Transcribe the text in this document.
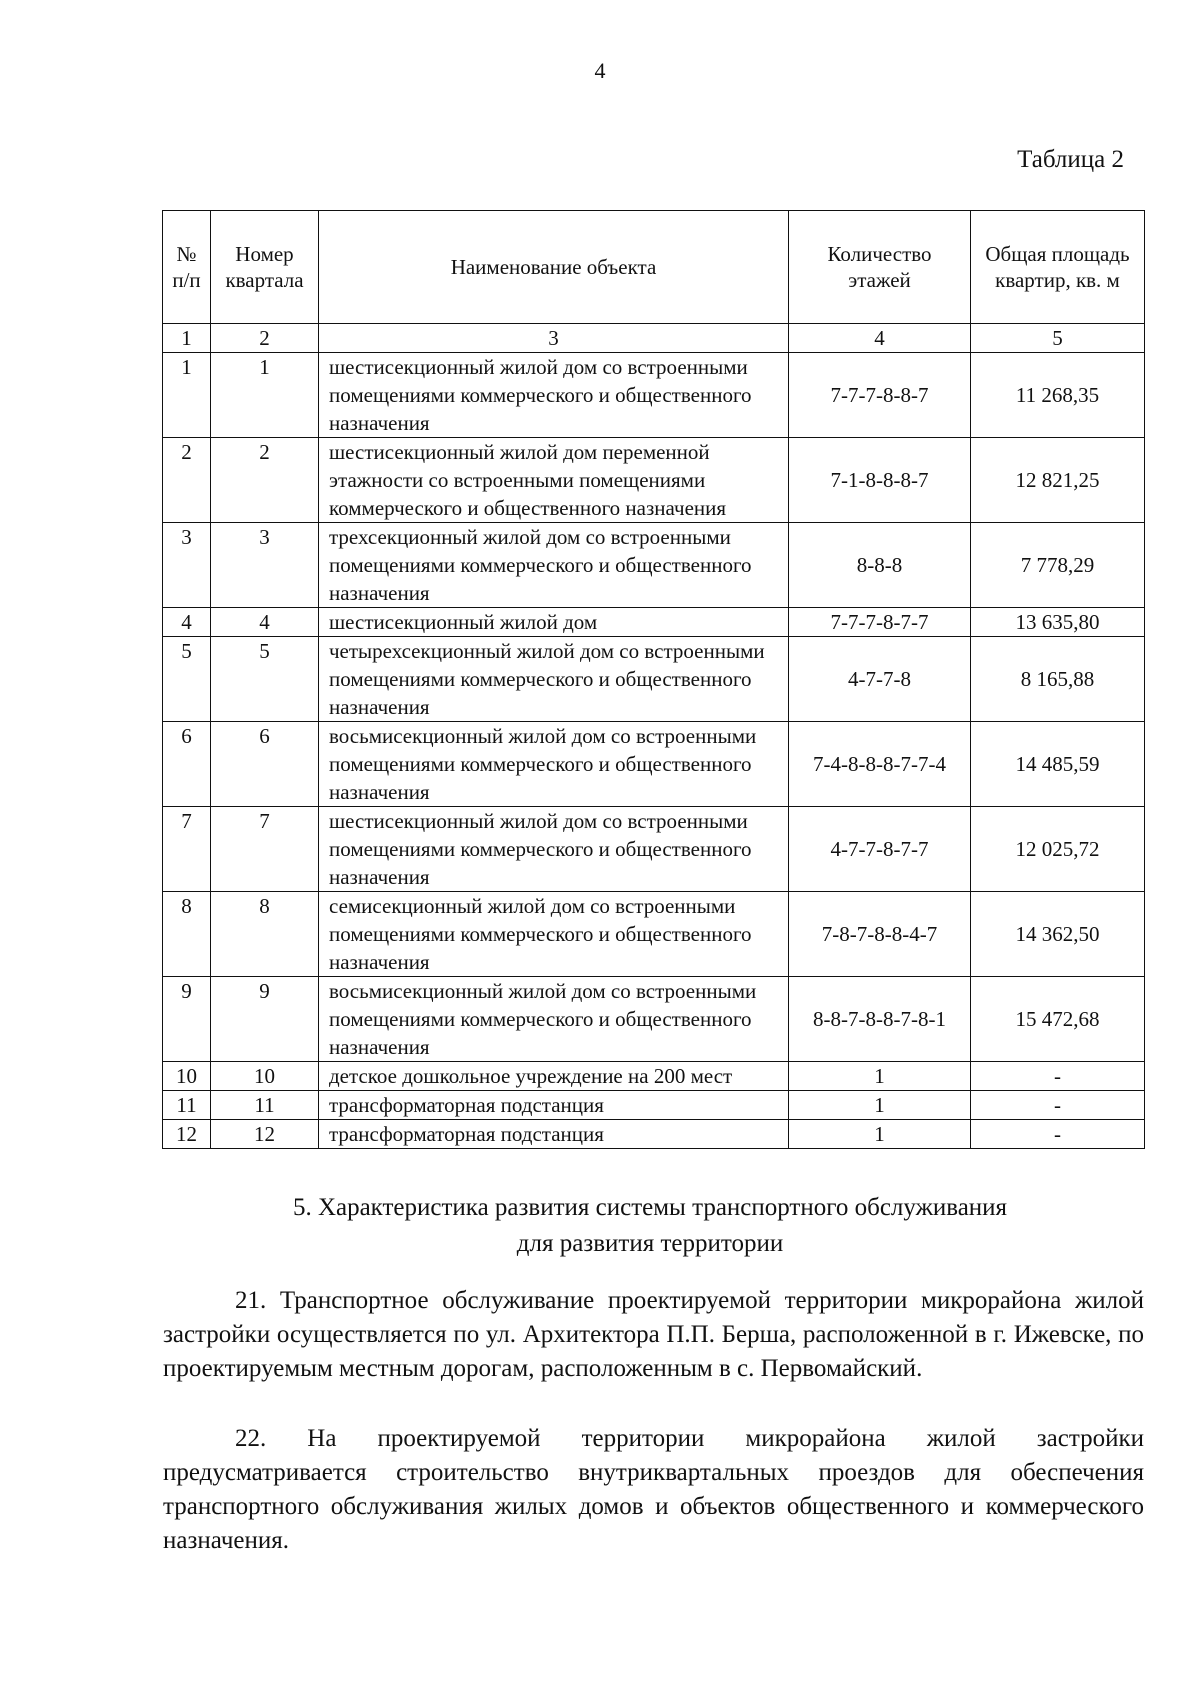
4
Таблица 2
№ п/п	Номер квартала	Наименование объекта	Количество этажей	Общая площадь квартир, кв. м
1	2	3	4	5
1	1	шестисекционный жилой дом со встроенными помещениями коммерческого и общественного назначения	7-7-7-8-8-7	11 268,35
2	2	шестисекционный жилой дом переменной этажности со встроенными помещениями коммерческого и общественного назначения	7-1-8-8-8-7	12 821,25
3	3	трехсекционный жилой дом со встроенными помещениями коммерческого и общественного назначения	8-8-8	7 778,29
4	4	шестисекционный жилой дом	7-7-7-8-7-7	13 635,80
5	5	четырехсекционный жилой дом со встроенными помещениями коммерческого и общественного назначения	4-7-7-8	8 165,88
6	6	восьмисекционный жилой дом со встроенными помещениями коммерческого и общественного назначения	7-4-8-8-8-7-7-4	14 485,59
7	7	шестисекционный жилой дом со встроенными помещениями коммерческого и общественного назначения	4-7-7-8-7-7	12 025,72
8	8	семисекционный жилой дом со встроенными помещениями коммерческого и общественного назначения	7-8-7-8-8-4-7	14 362,50
9	9	восьмисекционный жилой дом со встроенными помещениями коммерческого и общественного назначения	8-8-7-8-8-7-8-1	15 472,68
10	10	детское дошкольное учреждение на 200 мест	1	-
11	11	трансформаторная подстанция	1	-
12	12	трансформаторная подстанция	1	-
5. Характеристика развития системы транспортного обслуживания
для развития территории

21. Транспортное обслуживание проектируемой территории микрорайона жилой застройки осуществляется по ул. Архитектора П.П. Берша, расположенной в г. Ижевске, по проектируемым местным дорогам, расположенным в с. Первомайский.

22. На проектируемой территории микрорайона жилой застройки предусматривается строительство внутриквартальных проездов для обеспечения транспортного обслуживания жилых домов и объектов общественного и коммерческого назначения.
